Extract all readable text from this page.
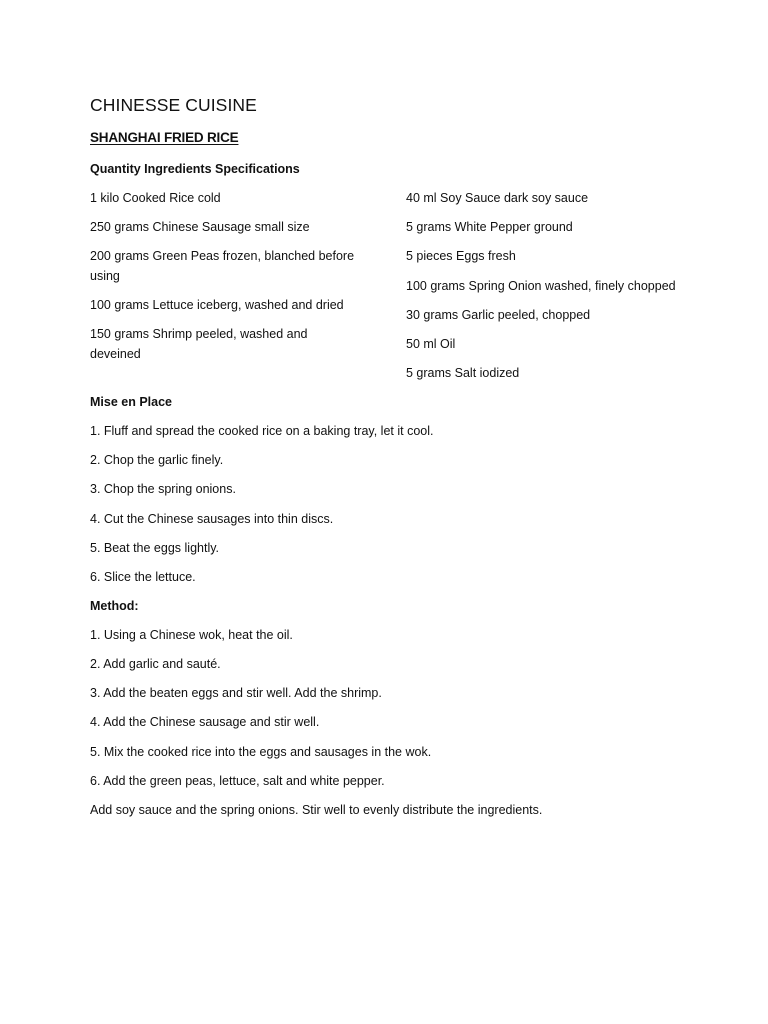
CHINESSE CUISINE
SHANGHAI FRIED RICE
Quantity Ingredients Specifications
1 kilo Cooked Rice cold
250 grams Chinese Sausage small size
200 grams Green Peas frozen, blanched before using
100 grams Lettuce iceberg, washed and dried
150 grams Shrimp peeled, washed and deveined
40 ml Soy Sauce dark soy sauce
5 grams White Pepper ground
5 pieces Eggs fresh
100 grams Spring Onion washed, finely chopped
30 grams Garlic peeled, chopped
50 ml Oil
5 grams Salt iodized
Mise en Place
1. Fluff and spread the cooked rice on a baking tray, let it cool.
2. Chop the garlic finely.
3. Chop the spring onions.
4. Cut the Chinese sausages into thin discs.
5. Beat the eggs lightly.
6. Slice the lettuce.
Method:
1. Using a Chinese wok, heat the oil.
2. Add garlic and sauté.
3. Add the beaten eggs and stir well. Add the shrimp.
4. Add the Chinese sausage and stir well.
5. Mix the cooked rice into the eggs and sausages in the wok.
6. Add the green peas, lettuce, salt and white pepper.
Add soy sauce and the spring onions. Stir well to evenly distribute the ingredients.
